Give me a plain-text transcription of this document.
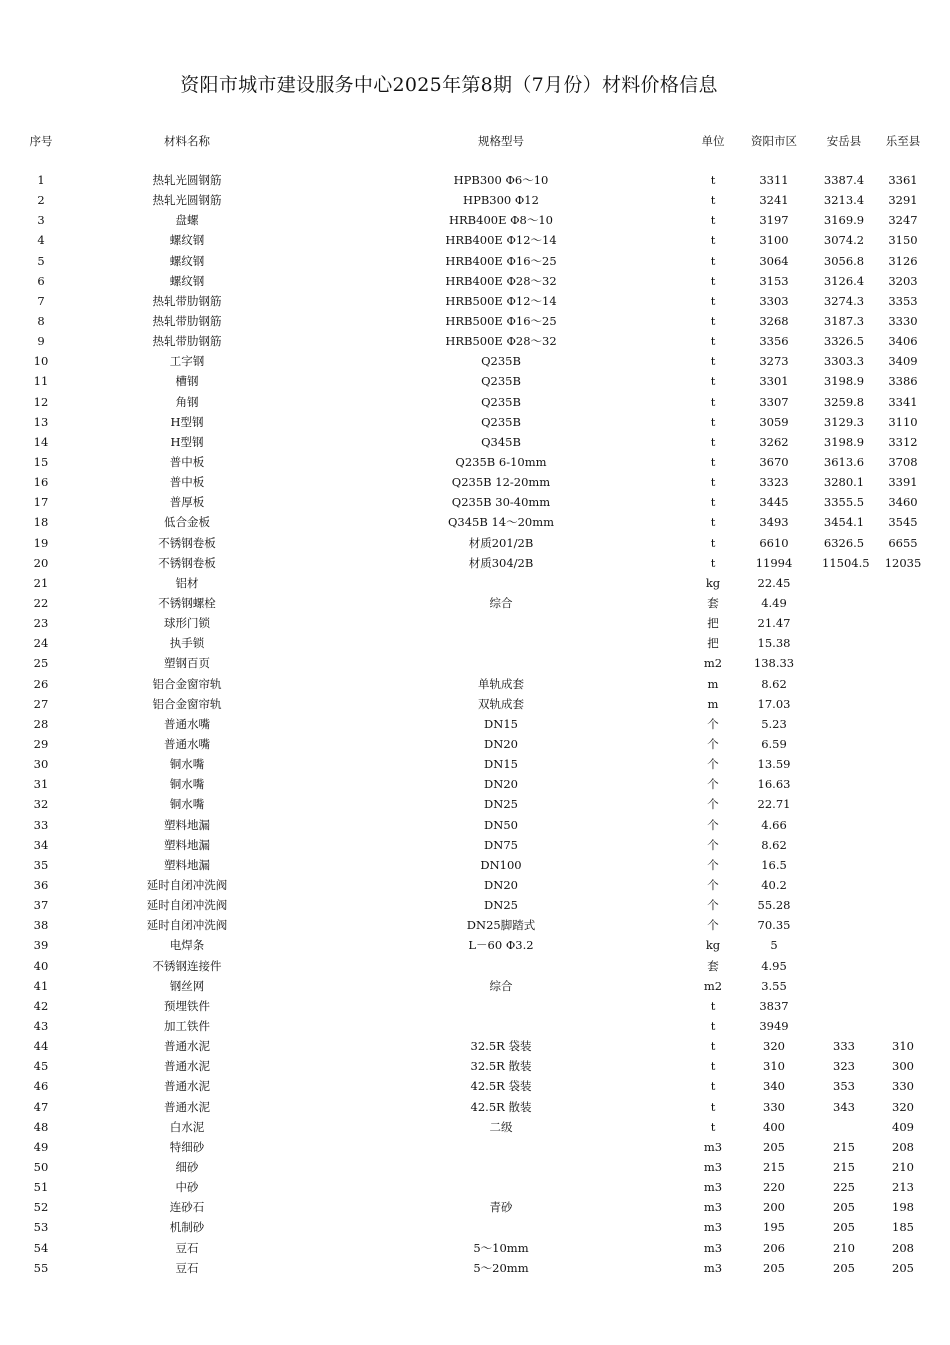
资阳市城市建设服务中心2025年第8期（7月份）材料价格信息
序号	材料名称	规格型号	单位	资阳市区	安岳县	乐至县

1	热轧光圆钢筋	HPB300 Φ6～10	t	3311	3387.4	3361
2	热轧光圆钢筋	HPB300 Φ12	t	3241	3213.4	3291
3	盘螺	HRB400E Φ8～10	t	3197	3169.9	3247
4	螺纹钢	HRB400E Φ12～14	t	3100	3074.2	3150
5	螺纹钢	HRB400E Φ16～25	t	3064	3056.8	3126
6	螺纹钢	HRB400E Φ28～32	t	3153	3126.4	3203
7	热轧带肋钢筋	HRB500E Φ12～14	t	3303	3274.3	3353
8	热轧带肋钢筋	HRB500E Φ16～25	t	3268	3187.3	3330
9	热轧带肋钢筋	HRB500E Φ28～32	t	3356	3326.5	3406
10	工字钢	Q235B	t	3273	3303.3	3409
11	槽钢	Q235B	t	3301	3198.9	3386
12	角钢	Q235B	t	3307	3259.8	3341
13	H型钢	Q235B	t	3059	3129.3	3110
14	H型钢	Q345B	t	3262	3198.9	3312
15	普中板	Q235B 6-10mm	t	3670	3613.6	3708
16	普中板	Q235B 12-20mm	t	3323	3280.1	3391
17	普厚板	Q235B 30-40mm	t	3445	3355.5	3460
18	低合金板	Q345B 14～20mm	t	3493	3454.1	3545
19	不锈钢卷板	材质201/2B	t	6610	6326.5	6655
20	不锈钢卷板	材质304/2B	t	11994	11504.5	12035
21	铝材		kg	22.45		
22	不锈钢螺栓	综合	套	4.49		
23	球形门锁		把	21.47		
24	执手锁		把	15.38		
25	塑钢百页		m2	138.33		
26	铝合金窗帘轨	单轨成套	m	8.62		
27	铝合金窗帘轨	双轨成套	m	17.03		
28	普通水嘴	DN15	个	5.23		
29	普通水嘴	DN20	个	6.59		
30	铜水嘴	DN15	个	13.59		
31	铜水嘴	DN20	个	16.63		
32	铜水嘴	DN25	个	22.71		
33	塑料地漏	DN50	个	4.66		
34	塑料地漏	DN75	个	8.62		
35	塑料地漏	DN100	个	16.5		
36	延时自闭冲洗阀	DN20	个	40.2		
37	延时自闭冲洗阀	DN25	个	55.28		
38	延时自闭冲洗阀	DN25脚踏式	个	70.35		
39	电焊条	L－60 Φ3.2	kg	5		
40	不锈钢连接件		套	4.95		
41	钢丝网	综合	m2	3.55		
42	预埋铁件		t	3837		
43	加工铁件		t	3949		
44	普通水泥	32.5R 袋装	t	320	333	310
45	普通水泥	32.5R 散装	t	310	323	300
46	普通水泥	42.5R 袋装	t	340	353	330
47	普通水泥	42.5R 散装	t	330	343	320
48	白水泥	二级	t	400		409
49	特细砂		m3	205	215	208
50	细砂		m3	215	215	210
51	中砂		m3	220	225	213
52	连砂石	青砂	m3	200	205	198
53	机制砂		m3	195	205	185
54	豆石	5～10mm	m3	206	210	208
55	豆石	5～20mm	m3	205	205	205
